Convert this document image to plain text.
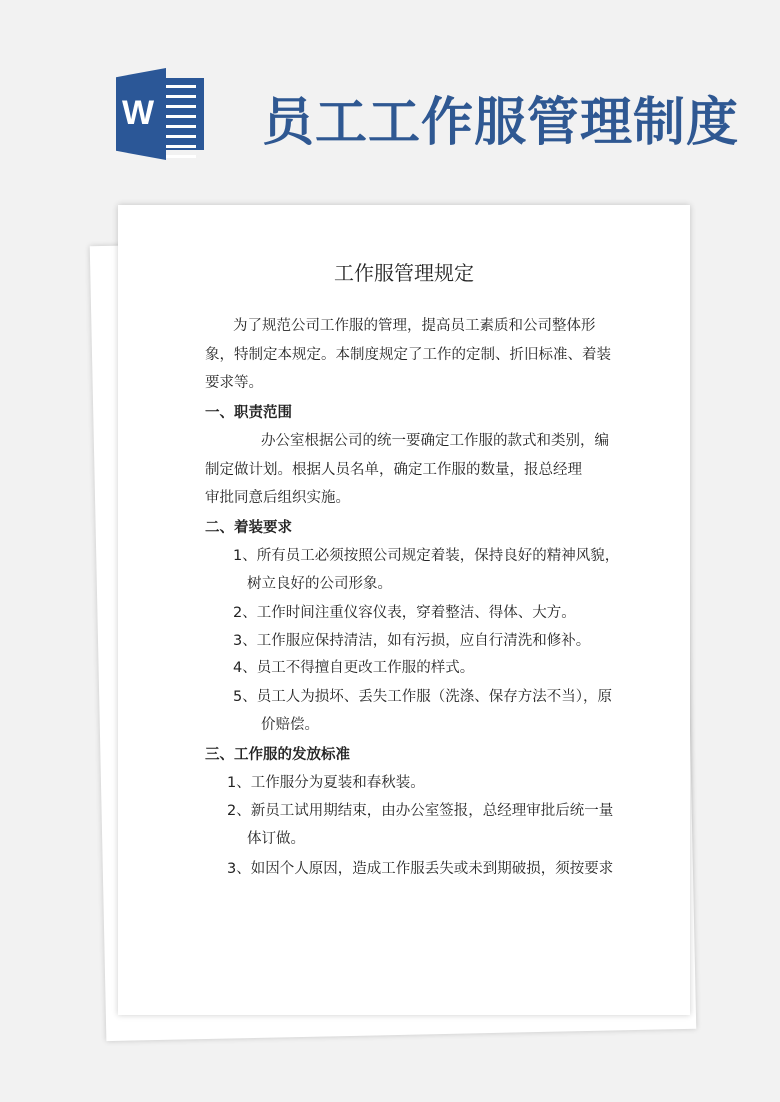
W 员工工作服管理制度
工作服管理规定
为了规范公司工作服的管理，提高员工素质和公司整体形
象，特制定本规定。本制度规定了工作的定制、折旧标准、着装
要求等。
一、职责范围
办公室根据公司的统一要确定工作服的款式和类别，编
制定做计划。根据人员名单，确定工作服的数量，报总经理
审批同意后组织实施。
二、着装要求
1、所有员工必须按照公司规定着装，保持良好的精神风貌，
树立良好的公司形象。
2、工作时间注重仪容仪表，穿着整洁、得体、大方。
3、工作服应保持清洁，如有污损，应自行清洗和修补。
4、员工不得擅自更改工作服的样式。
5、员工人为损坏、丢失工作服（洗涤、保存方法不当），原
价赔偿。
三、工作服的发放标准
1、工作服分为夏装和春秋装。
2、新员工试用期结束，由办公室签报，总经理审批后统一量
体订做。
3、如因个人原因，造成工作服丢失或未到期破损，须按要求
